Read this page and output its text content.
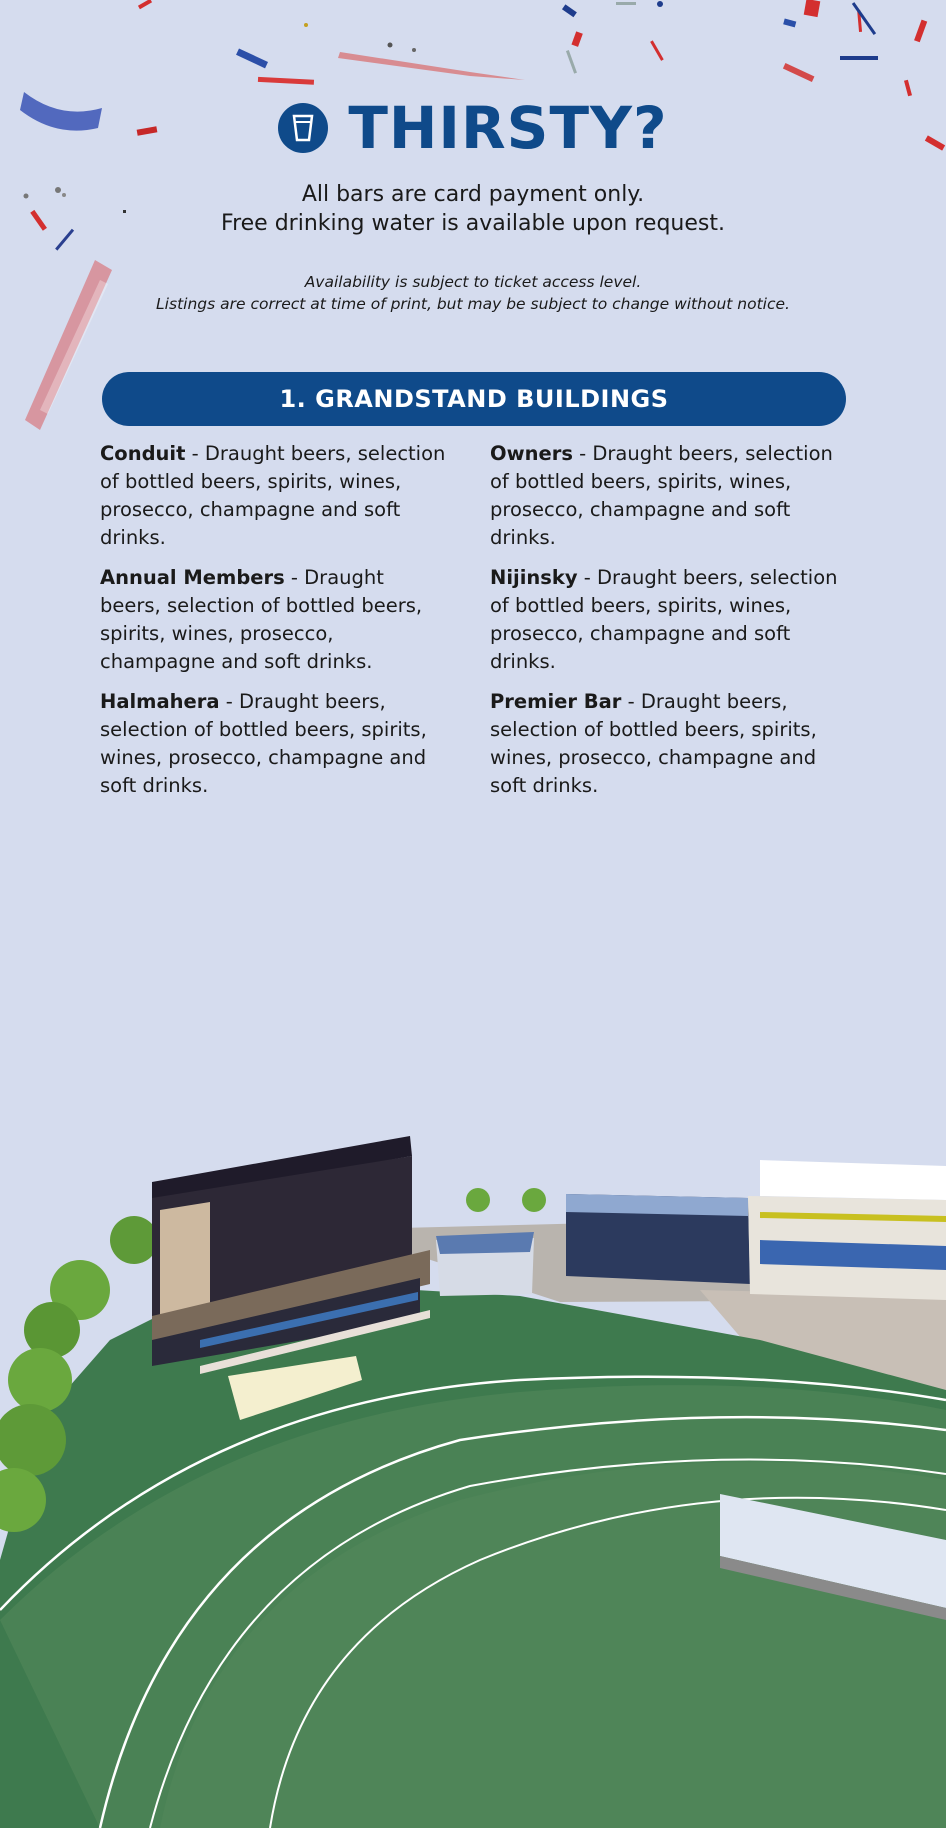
THIRSTY?
All bars are card payment only.
Free drinking water is available upon request.
Availability is subject to ticket access level.
Listings are correct at time of print, but may be subject to change without notice.
1. GRANDSTAND BUILDINGS
Conduit - Draught beers, selection of bottled beers, spirits, wines, prosecco, champagne and soft drinks.
Owners - Draught beers, selection of bottled beers, spirits, wines, prosecco, champagne and soft drinks.
Annual Members - Draught beers, selection of bottled beers, spirits, wines, prosecco, champagne and soft drinks.
Nijinsky - Draught beers, selection of bottled beers, spirits, wines, prosecco, champagne and soft drinks.
Halmahera - Draught beers, selection of bottled beers, spirits, wines, prosecco, champagne and soft drinks.
Premier Bar - Draught beers, selection of bottled beers, spirits, wines, prosecco, champagne and soft drinks.
